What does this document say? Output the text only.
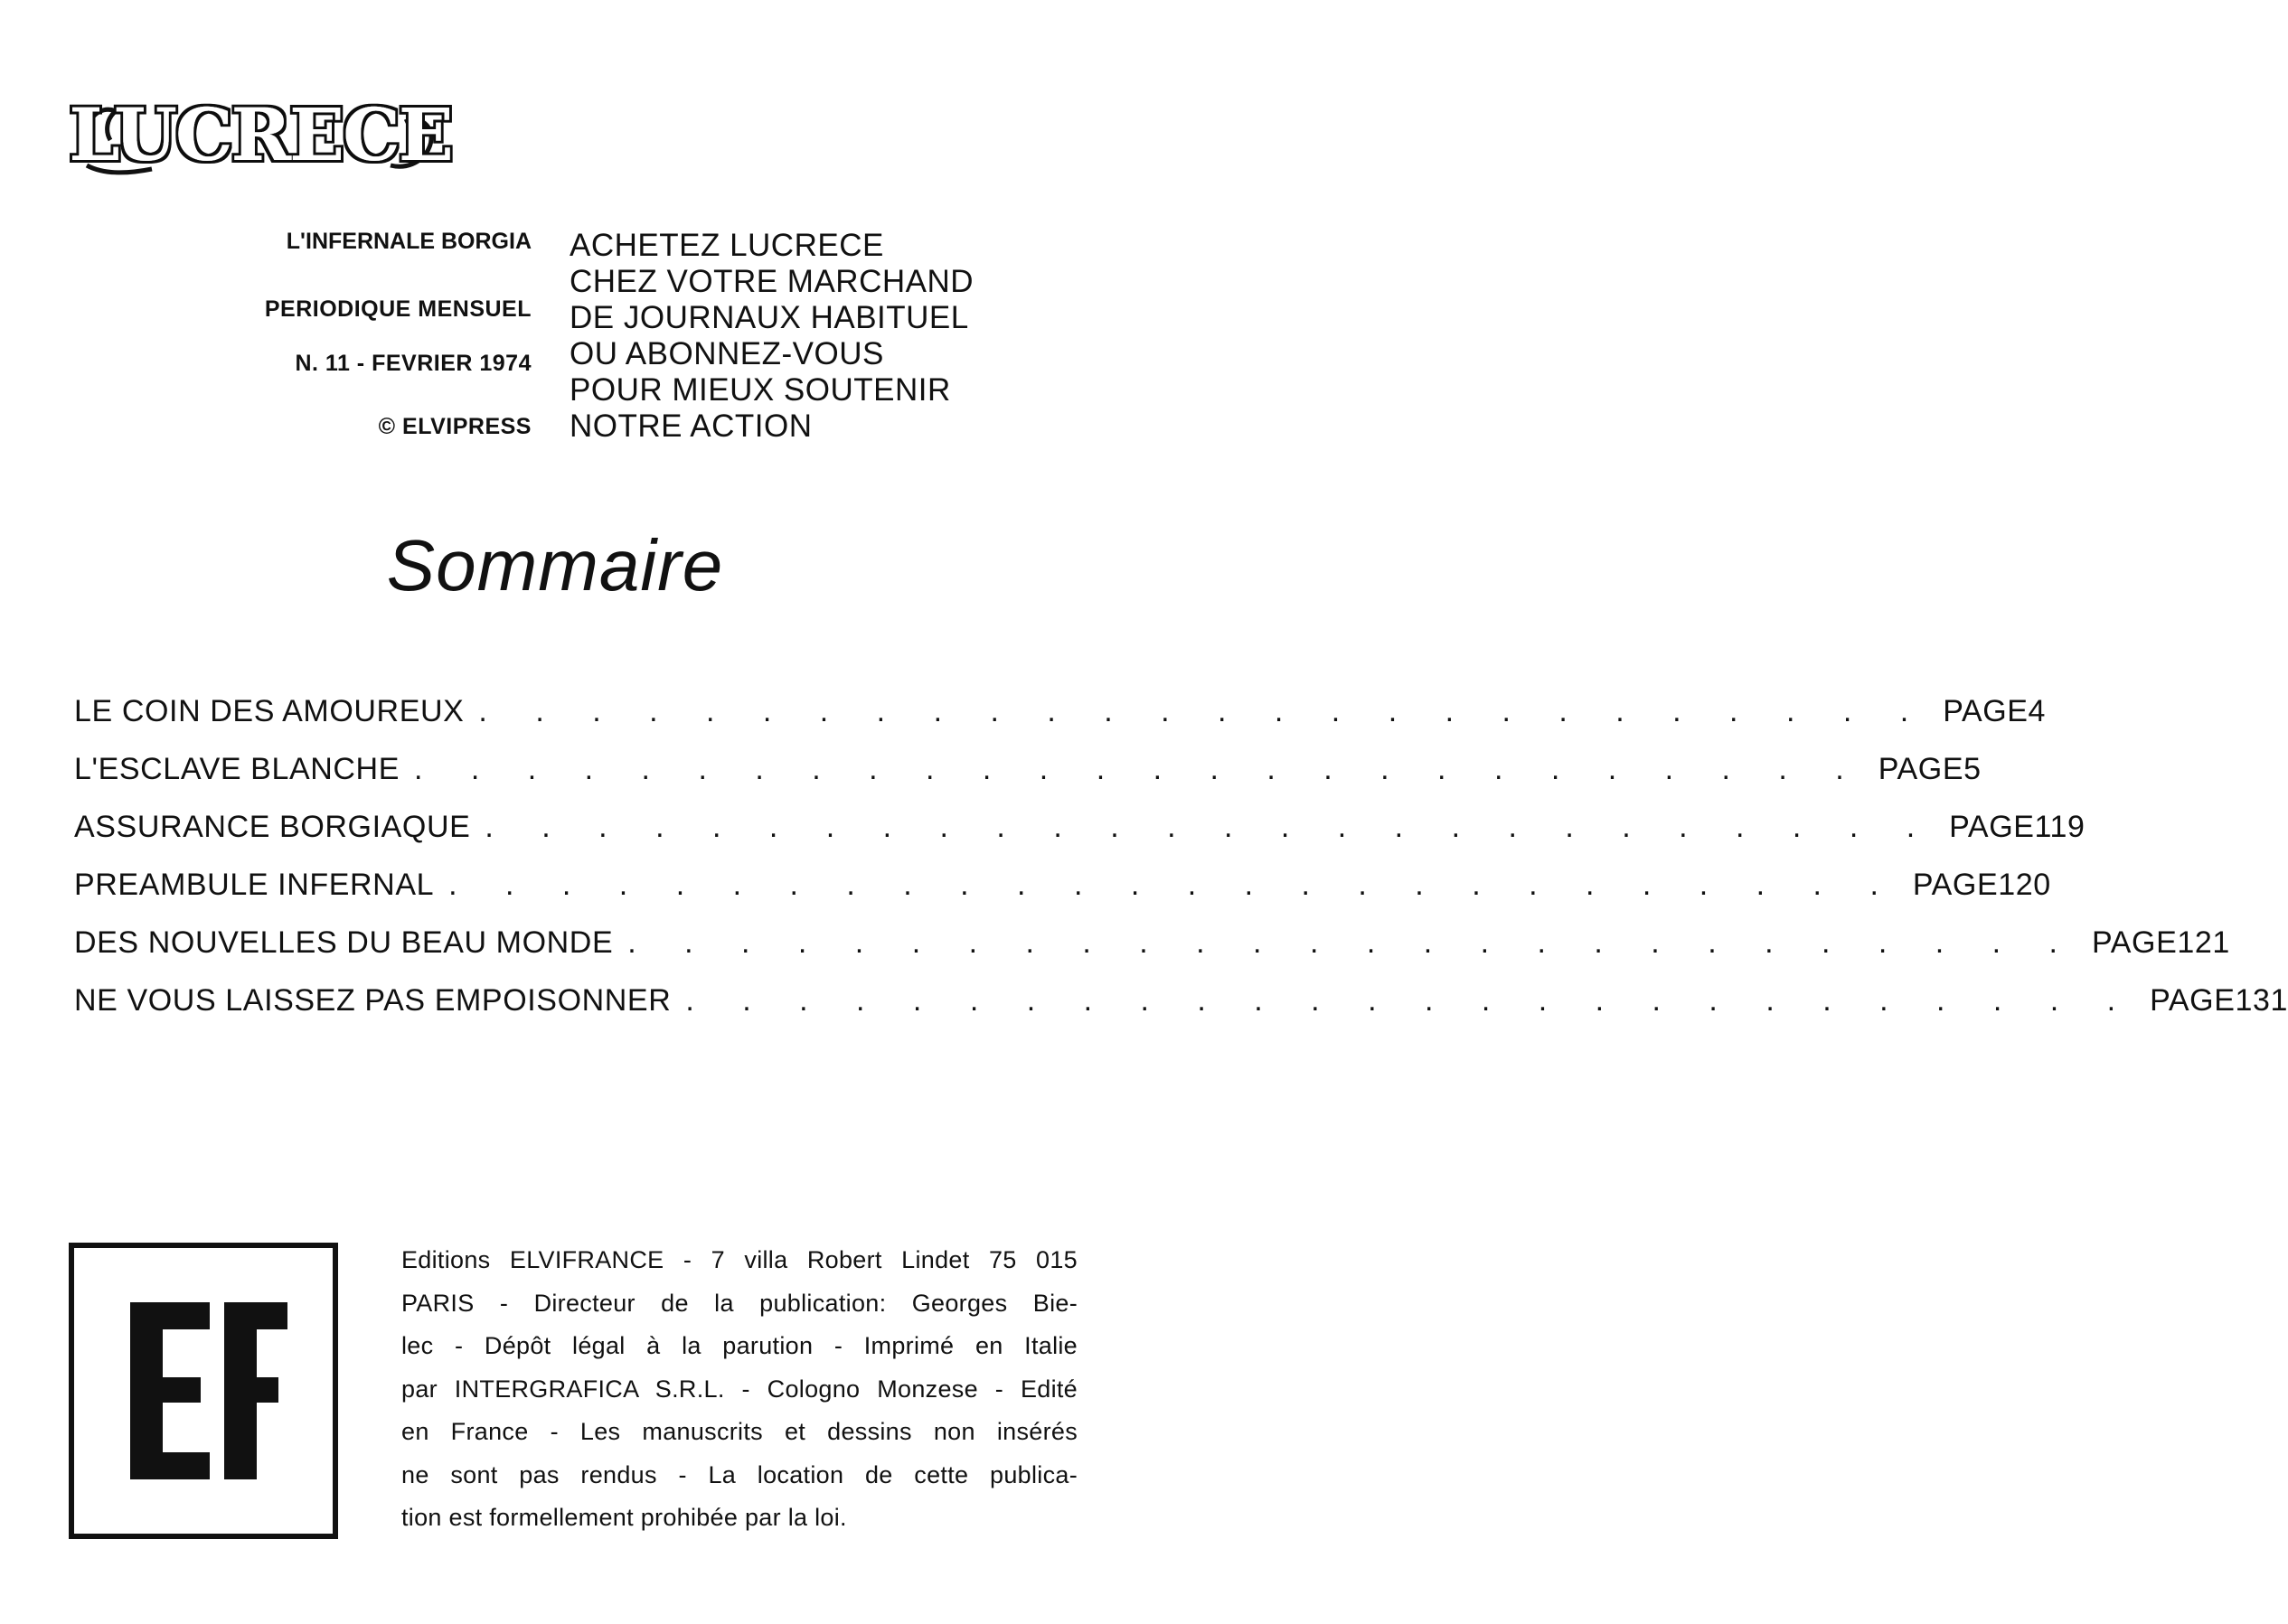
LUCRECE
L'INFERNALE BORGIA
PERIODIQUE MENSUEL
N. 11 - FEVRIER 1974
© ELVIPRESS
ACHETEZ LUCRECE
CHEZ VOTRE MARCHAND
DE JOURNAUX HABITUEL
OU ABONNEZ-VOUS
POUR MIEUX SOUTENIR
NOTRE ACTION
Sommaire
LE COIN DES AMOUREUX . . . . . . . . . . . . . . . . . . . . . . . . . . PAGE 4
L'ESCLAVE BLANCHE . . . . . . . . . . . . . . . . . . . . . . . . . . PAGE 5
ASSURANCE BORGIAQUE . . . . . . . . . . . . . . . . . . . . . . . . . . PAGE 119
PREAMBULE INFERNAL . . . . . . . . . . . . . . . . . . . . . . . . . . PAGE 120
DES NOUVELLES DU BEAU MONDE . . . . . . . . . . . . . . . . . . . . . . . . . . PAGE 121
NE VOUS LAISSEZ PAS EMPOISONNER . . . . . . . . . . . . . . . . . . . . . . . . . . PAGE 131
Editions ELVIFRANCE - 7 villa Robert Lindet 75 015
PARIS - Directeur de la publication: Georges Bie-
lec - Dépôt légal à la parution - Imprimé en Italie
par INTERGRAFICA S.R.L. - Cologno Monzese - Edité
en France - Les manuscrits et dessins non insérés
ne sont pas rendus - La location de cette publica-
tion est formellement prohibée par la loi.
